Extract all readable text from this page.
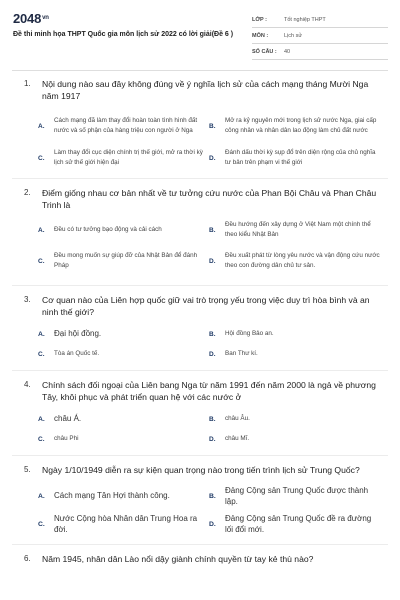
$2048^{vn}$
Đề thi minh họa THPT Quốc gia môn lịch sử 2022 có lời giải(Đề 6 )
LỚP :	Tốt nghiệp THPT
MÔN :	Lịch sử
SỐ CÂU : 40
1. Nội dung nào sau đây không đúng về ý nghĩa lịch sử của cách mạng tháng Mười Nga năm 1917
A.
Cách mạng đã làm thay đổi hoàn toàn tình hình đất nước và số phận của hàng triệu con người ở Nga
B.
Mở ra kỷ nguyên mới trong lịch sử nước Nga, giai cấp công nhân và nhân dân lao động làm chủ đất nước
C.
Làm thay đổi cục diện chính trị thế giới, mở ra thời kỳ lịch sử thế giới hiện đại
D.
Đánh dấu thời kỳ sụp đổ trên diện rộng của chủ nghĩa tư bản trên phạm vi thế giới
2. Điểm giống nhau cơ bản nhất về tư tưởng cứu nước của Phan Bội Châu và Phan Châu Trinh là
A. Đều có tư tưởng bạo động và cải cách	B.
Đều hướng đến xây dựng ở Việt Nam một chính thể theo kiểu Nhật Bản
C.
Đều mong muốn sự giúp đỡ của Nhật Bản để đánh Pháp
D.
Đều xuất phát từ lòng yêu nước và vận động cứu nước theo con đường dân chủ tư sản.
3. Cơ quan nào của Liên hợp quốc giữ vai trò trọng yếu trong việc duy trì hòa bình và an ninh thế giới?
A. Đại hội đồng.	B. Hội đồng Bảo an.
C. Tòa án Quốc tế.	D. Ban Thư kí.
4. Chính sách đối ngoại của Liên bang Nga từ năm 1991 đến năm 2000 là ngả về phương Tây, khôi phục và phát triển quan hệ với các nước ở
A. châu Á.	B. châu Âu.
C. châu Phi	D. châu Mĩ.
5. Ngày 1/10/1949 diễn ra sự kiện quan trọng nào trong tiến trình lịch sử Trung Quốc?
A. Cách mạng Tân Hợi thành công.	B.
Đảng Cộng sản Trung Quốc được thành lập.
C.
Nước Cộng hòa Nhân dân Trung Hoa ra đời.
D.
Đảng Cộng sản Trung Quốc đề ra đường lối đổi mới.
6. Năm 1945, nhân dân Lào nổi dậy giành chính quyền từ tay kẻ thù nào?
